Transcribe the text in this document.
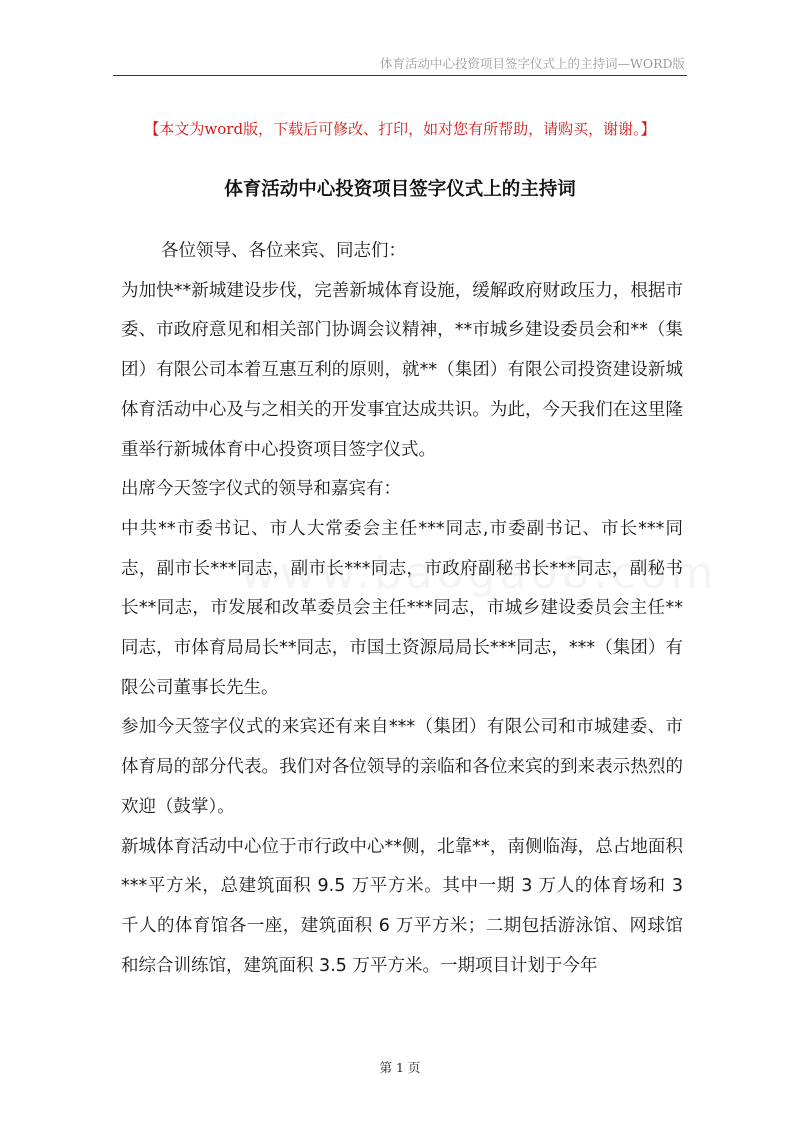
体育活动中心投资项目签字仪式上的主持词—WORD版
【本文为word版，下载后可修改、打印，如对您有所帮助，请购买，谢谢。】
体育活动中心投资项目签字仪式上的主持词

各位领导、各位来宾、同志们：

为加快**新城建设步伐，完善新城体育设施，缓解政府财政压力，根据市委、市政府意见和相关部门协调会议精神，**市城乡建设委员会和**（集团）有限公司本着互惠互利的原则，就**（集团）有限公司投资建设新城体育活动中心及与之相关的开发事宜达成共识。为此，今天我们在这里隆重举行新城体育中心投资项目签字仪式。

出席今天签字仪式的领导和嘉宾有：

中共**市委书记、市人大常委会主任***同志,市委副书记、市长***同志，副市长***同志，副市长***同志，市政府副秘书长***同志，副秘书长**同志，市发展和改革委员会主任***同志，市城乡建设委员会主任**同志，市体育局局长**同志，市国土资源局局长***同志，***（集团）有限公司董事长先生。

参加今天签字仪式的来宾还有来自***（集团）有限公司和市城建委、市体育局的部分代表。我们对各位领导的亲临和各位来宾的到来表示热烈的欢迎（鼓掌）。

新城体育活动中心位于市行政中心**侧，北靠**，南侧临海，总占地面积***平方米，总建筑面积 9.5 万平方米。其中一期 3 万人的体育场和 3 千人的体育馆各一座，建筑面积 6 万平方米；二期包括游泳馆、网球馆和综合训练馆，建筑面积 3.5 万平方米。一期项目计划于今年

第 1 页
